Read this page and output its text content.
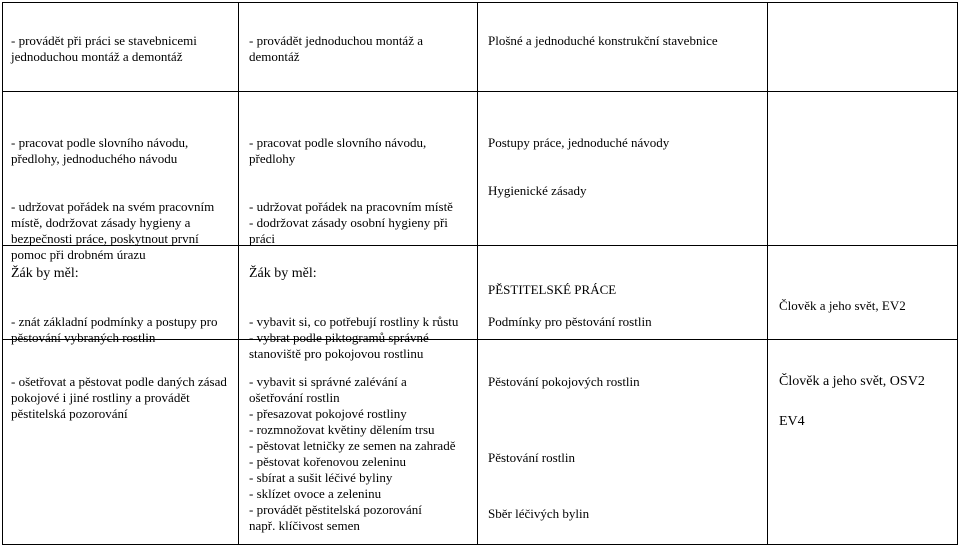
- provádět při práci se stavebnicemi
jednoduchou montáž a demontáž

- provádět jednoduchou montáž a
demontáž

Plošné a jednoduché konstrukční stavebnice

- pracovat podle slovního návodu,
předlohy, jednoduchého návodu

- udržovat pořádek na svém pracovním
místě, dodržovat zásady hygieny a
bezpečnosti práce, poskytnout první
pomoc při drobném úrazu

- pracovat podle slovního návodu,
předlohy

- udržovat pořádek na pracovním místě
- dodržovat zásady osobní hygieny při
práci

Postupy práce, jednoduché návody

Hygienické zásady

Žák by měl:

- znát základní podmínky a postupy pro
pěstování vybraných rostlin

Žák by měl:

- vybavit si, co potřebují rostliny k růstu
- vybrat podle piktogramů správné
stanoviště pro pokojovou rostlinu

PĚSTITELSKÉ PRÁCE

Podmínky pro pěstování rostlin

Člověk a jeho svět, EV2

- ošetřovat a pěstovat podle daných zásad
pokojové i jiné rostliny a provádět
pěstitelská pozorování

- vybavit si správné zalévání a
ošetřování rostlin
- přesazovat pokojové rostliny
- rozmnožovat květiny dělením trsu
- pěstovat letničky ze semen na zahradě
- pěstovat kořenovou zeleninu
- sbírat a sušit léčivé byliny
- sklízet ovoce a zeleninu
- provádět pěstitelská pozorování
např. klíčivost semen

Pěstování pokojových rostlin

Pěstování rostlin

Sběr léčivých bylin

Člověk a jeho svět, OSV2

EV4
